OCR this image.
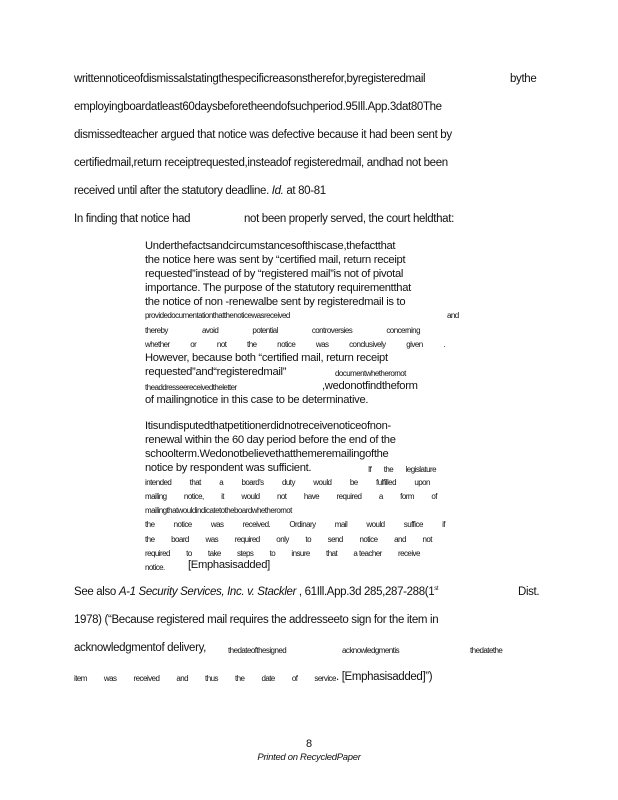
writtennoticeofdismissalstatingthespecificreasonstherefor,byregisteredmail	bythe
employingboardatleast60daysbeforetheendofsuchperiod.95Ill.App.3dat80The
dismissedteacher argued that notice was defective because it had been sent by
certifiedmail,return receiptrequested,insteadof registeredmail, andhad not been
received until after the statutory deadline. Id. at 80-81
In finding that notice had	not been properly served, the court heldthat:
Underthefactsandcircumstancesofthiscase,thefactthat
the notice here was sent by “certified mail, return receipt
requested”instead of by “registered mail”is not of pivotal
importance. The purpose of the statutory requirementthat
the notice of non -renewalbe sent by registeredmail is to
providedocumentationthatthenoticewasreceived	and
thereby	avoid	potential	controversies	concerning
whether	or	not	the	notice	was	conclusively	given	.
However, because both “certified mail, return receipt
requested”and“registeredmail”	documentwhetherornot
theaddresseereceivedtheletter	,wedonotfindtheform
of mailingnotice in this case to be determinative.
Itisundisputedthatpetitionerdidnotreceivenoticeofnon-
renewal within the 60 day period before the end of the
schoolterm.Wedonotbelievethatthemeremailingofthe
notice by respondent was sufficient.	If the legislature
intended that a board's duty would be fulfilled upon
mailing notice, it would not have required a form of
mailingthatwouldindicatetotheboardwhetherornot
the notice was received. Ordinary mail would suffice if
the board was required only to send notice and not
required to take steps to insure that a teacher receive
notice. [Emphasisadded]
See also A-1 Security Services, Inc. v. Stackler , 61Ill.App.3d 285,287-288(1st	Dist.
1978) (“Because registered mail requires the addresseeto sign for the item in
acknowledgmentof delivery,	thedateofthesigned	acknowledgmentis	thedatethe
item was received and thus the date of service . [Emphasisadded]”)
8
Printed on RecycledPaper
